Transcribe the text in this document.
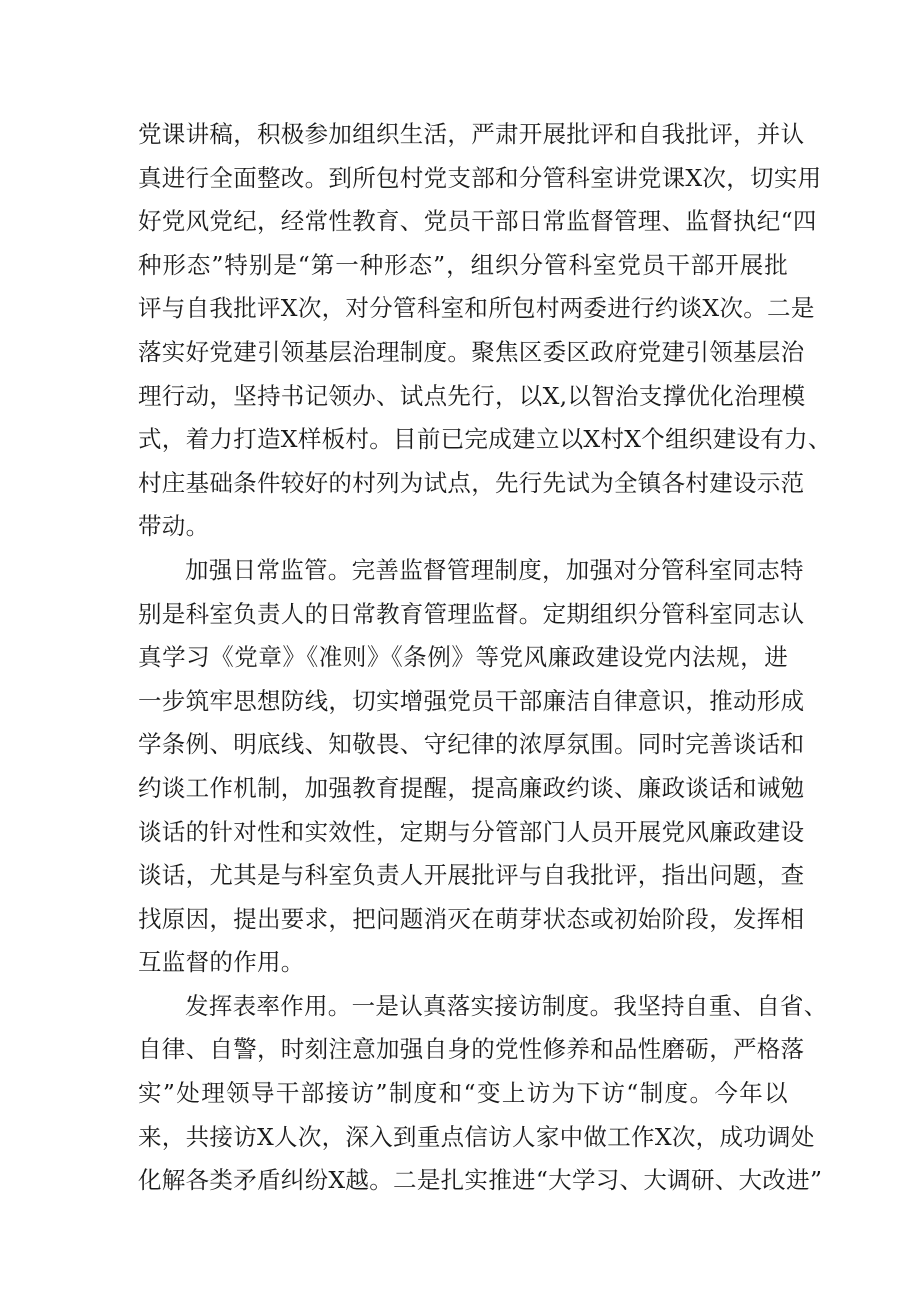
党课讲稿，积极参加组织生活，严肃开展批评和自我批评，并认
真进行全面整改。到所包村党支部和分管科室讲党课X次，切实用
好党风党纪，经常性教育、党员干部日常监督管理、监督执纪“四
种形态”特别是“第一种形态”，组织分管科室党员干部开展批
评与自我批评X次，对分管科室和所包村两委进行约谈X次。二是
落实好党建引领基层治理制度。聚焦区委区政府党建引领基层治
理行动，坚持书记领办、试点先行，以X,以智治支撑优化治理模
式，着力打造X样板村。目前已完成建立以X村X个组织建设有力、
村庄基础条件较好的村列为试点，先行先试为全镇各村建设示范
带动。
加强日常监管。完善监督管理制度，加强对分管科室同志特
别是科室负责人的日常教育管理监督。定期组织分管科室同志认
真学习《党章》《准则》《条例》等党风廉政建设党内法规，进
一步筑牢思想防线，切实增强党员干部廉洁自律意识，推动形成
学条例、明底线、知敬畏、守纪律的浓厚氛围。同时完善谈话和
约谈工作机制，加强教育提醒，提高廉政约谈、廉政谈话和诫勉
谈话的针对性和实效性，定期与分管部门人员开展党风廉政建设
谈话，尤其是与科室负责人开展批评与自我批评，指出问题，查
找原因，提出要求，把问题消灭在萌芽状态或初始阶段，发挥相
互监督的作用。
发挥表率作用。一是认真落实接访制度。我坚持自重、自省、
自律、自警，时刻注意加强自身的党性修养和品性磨砺，严格落
实”处理领导干部接访”制度和“变上访为下访“制度。今年以
来，共接访X人次，深入到重点信访人家中做工作X次，成功调处
化解各类矛盾纠纷X越。二是扎实推进“大学习、大调研、大改进”
